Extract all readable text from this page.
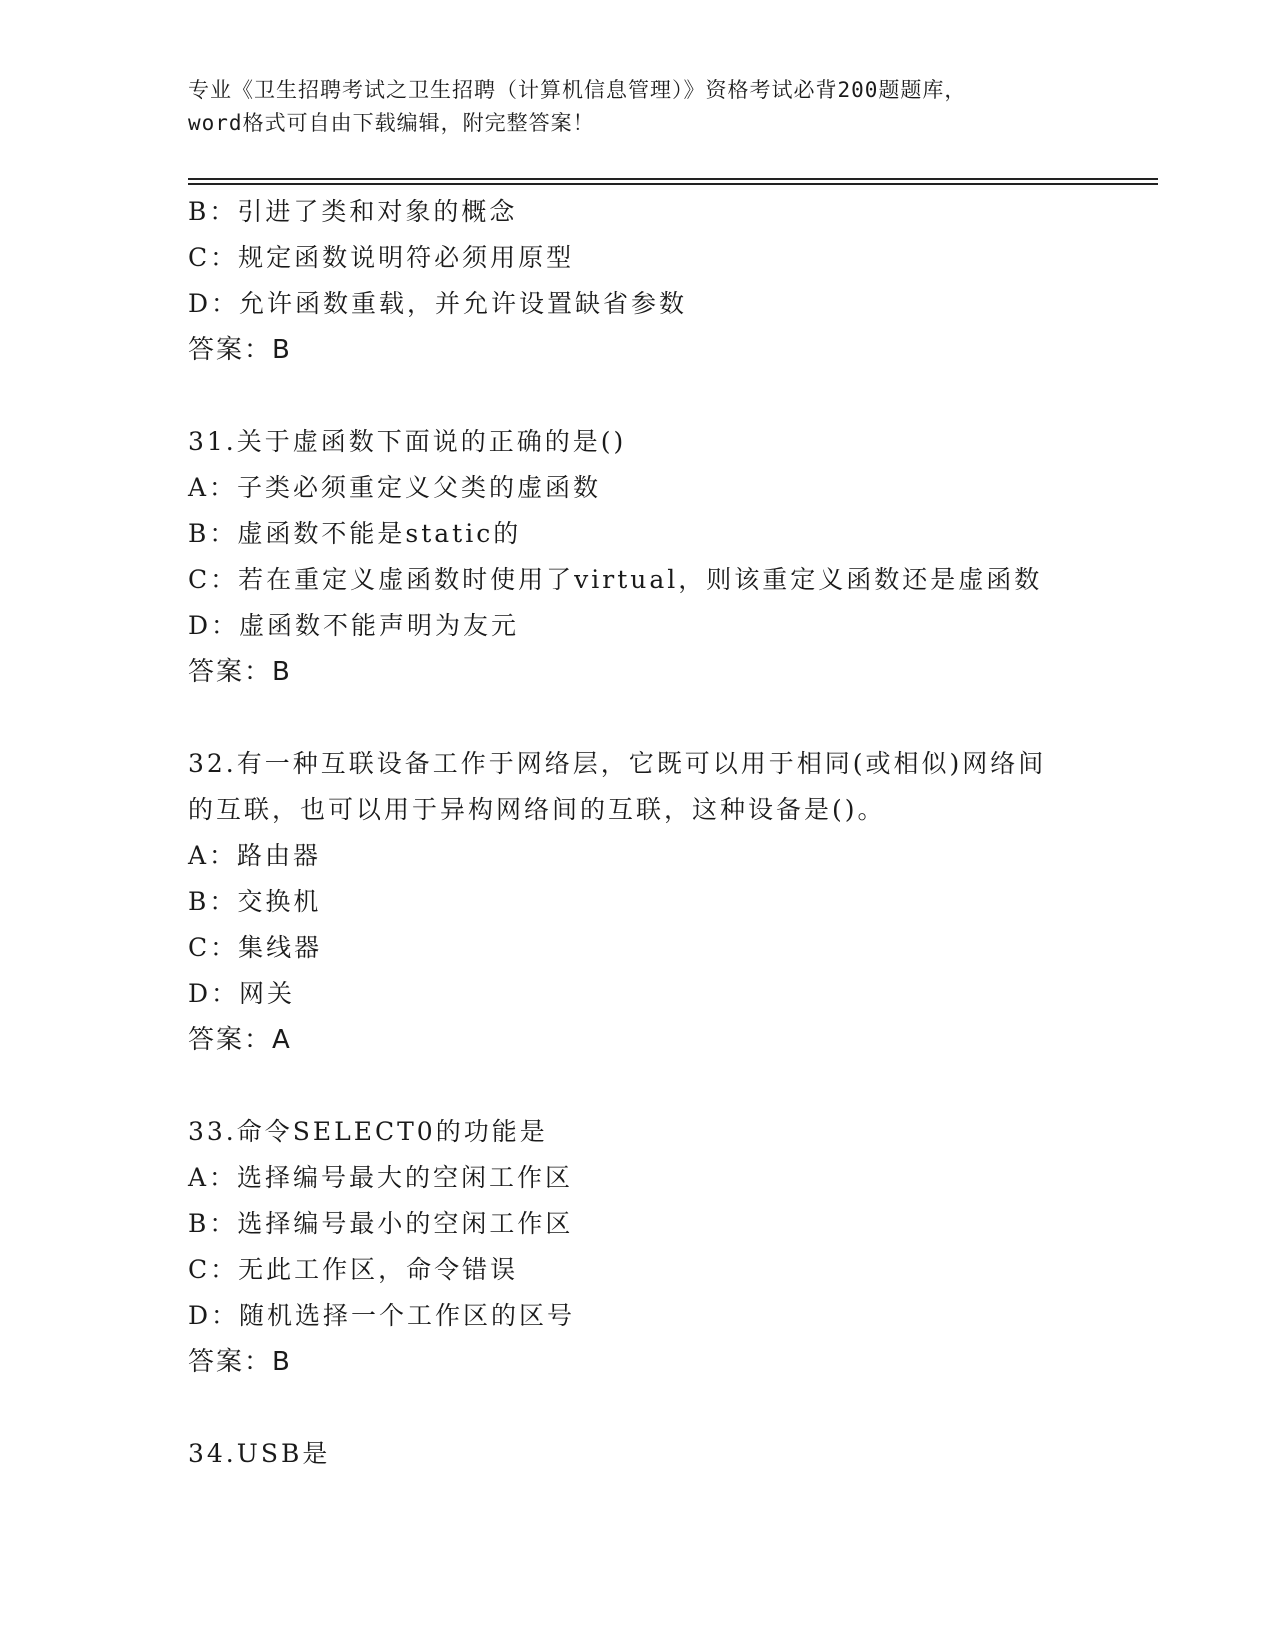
专业《卫生招聘考试之卫生招聘（计算机信息管理）》资格考试必背200题题库，
word格式可自由下载编辑，附完整答案！
B：引进了类和对象的概念
C：规定函数说明符必须用原型
D：允许函数重载，并允许设置缺省参数
答案：B
31.关于虚函数下面说的正确的是()
A：子类必须重定义父类的虚函数
B：虚函数不能是static的
C：若在重定义虚函数时使用了virtual，则该重定义函数还是虚函数
D：虚函数不能声明为友元
答案：B
32.有一种互联设备工作于网络层，它既可以用于相同(或相似)网络间
的互联，也可以用于异构网络间的互联，这种设备是()。
A：路由器
B：交换机
C：集线器
D：网关
答案：A
33.命令SELECT0的功能是
A：选择编号最大的空闲工作区
B：选择编号最小的空闲工作区
C：无此工作区，命令错误
D：随机选择一个工作区的区号
答案：B
34.USB是
